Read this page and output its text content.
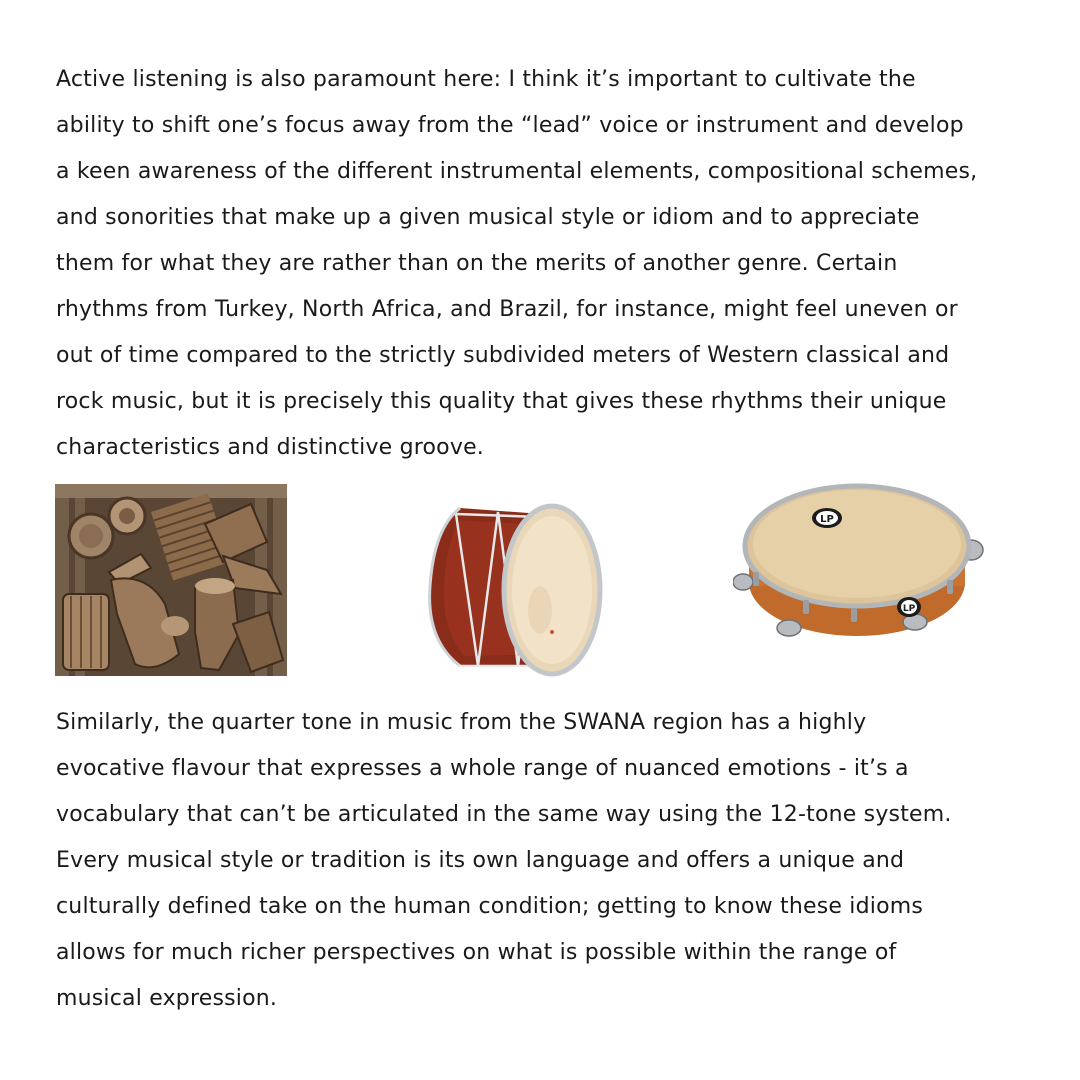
Active listening is also paramount here: I think it’s important to cultivate the
ability to shift one’s focus away from the “lead” voice or instrument and develop
a keen awareness of the different instrumental elements, compositional schemes,
and sonorities that make up a given musical style or idiom and to appreciate
them for what they are rather than on the merits of another genre. Certain
rhythms from Turkey, North Africa, and Brazil, for instance, might feel uneven or
out of time compared to the strictly subdivided meters of Western classical and
rock music, but it is precisely this quality that gives these rhythms their unique
characteristics and distinctive groove.

LP
LP

Similarly, the quarter tone in music from the SWANA region has a highly
evocative flavour that expresses a whole range of nuanced emotions - it’s a
vocabulary that can’t be articulated in the same way using the 12-tone system.
Every musical style or tradition is its own language and offers a unique and
culturally defined take on the human condition; getting to know these idioms
allows for much richer perspectives on what is possible within the range of
musical expression.
